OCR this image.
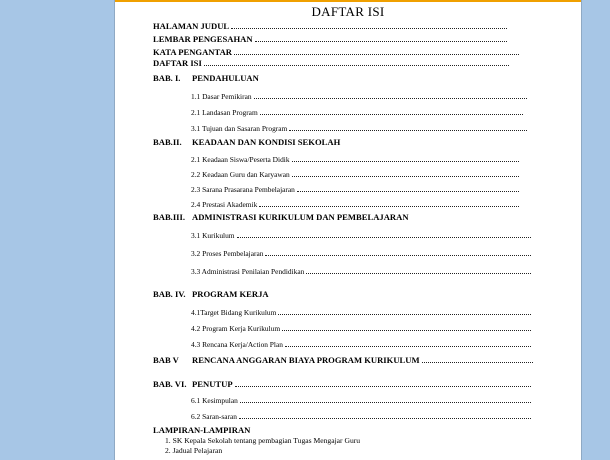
DAFTAR ISI
HALAMAN JUDUL
LEMBAR PENGESAHAN
KATA PENGANTAR
DAFTAR ISI
BAB. I. PENDAHULUAN
1.1 Dasar Pemikiran
2.1 Landasan Program
3.1 Tujuan dan Sasaran Program
BAB.II. KEADAAN DAN KONDISI SEKOLAH
2.1 Keadaan Siswa/Peserta Didik
2.2 Keadaan Guru dan Karyawan
2.3 Sarana Prasarana Pembelajaran
2.4 Prestasi Akademik
BAB.III. ADMINISTRASI KURIKULUM DAN PEMBELAJARAN
3.1 Kurikulum
3.2 Proses Pembelajaran
3.3 Administrasi Penilaian Pendidikan
BAB. IV. PROGRAM KERJA
4.1Target Bidang Kurikulum
4.2 Program Kerja Kurikulum
4.3 Rencana Kerja/Action Plan
BAB V	RENCANA ANGGARAN BIAYA PROGRAM KURIKULUM
BAB. VI. PENUTUP
6.1 Kesimpulan
6.2 Saran-saran
LAMPIRAN-LAMPIRAN
1. SK Kepala Sekolah tentang pembagian Tugas Mengajar Guru
2. Jadual Pelajaran
